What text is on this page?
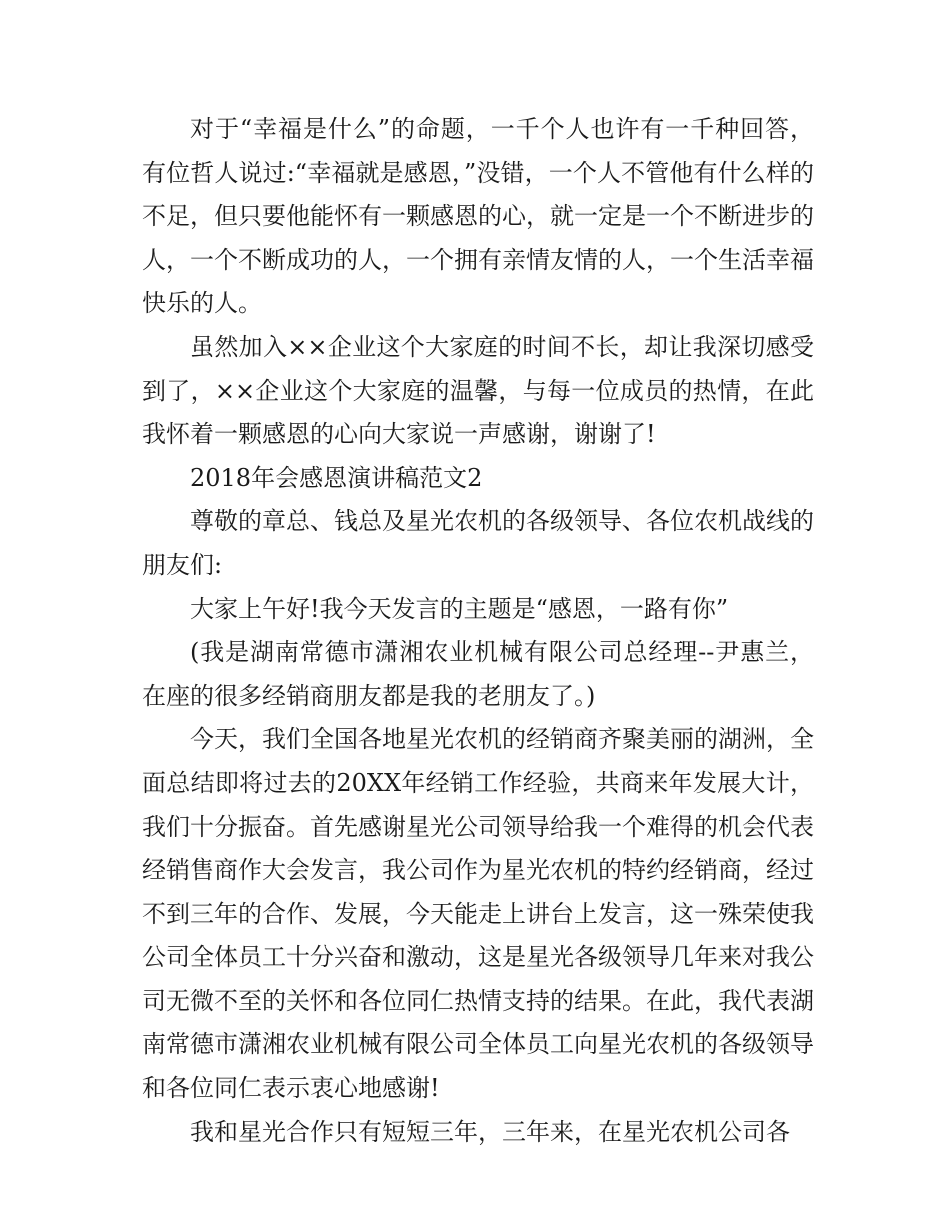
对于“幸福是什么”的命题，一千个人也许有一千种回答，有位哲人说过:“幸福就是感恩，”没错，一个人不管他有什么样的不足，但只要他能怀有一颗感恩的心，就一定是一个不断进步的人，一个不断成功的人，一个拥有亲情友情的人，一个生活幸福快乐的人。

虽然加入××企业这个大家庭的时间不长，却让我深切感受到了，××企业这个大家庭的温馨，与每一位成员的热情，在此我怀着一颗感恩的心向大家说一声感谢，谢谢了!

2018年会感恩演讲稿范文2

尊敬的章总、钱总及星光农机的各级领导、各位农机战线的朋友们:

大家上午好!我今天发言的主题是“感恩，一路有你”

(我是湖南常德市潇湘农业机械有限公司总经理--尹惠兰，在座的很多经销商朋友都是我的老朋友了。)

今天，我们全国各地星光农机的经销商齐聚美丽的湖洲，全面总结即将过去的20XX年经销工作经验，共商来年发展大计，我们十分振奋。首先感谢星光公司领导给我一个难得的机会代表经销售商作大会发言，我公司作为星光农机的特约经销商，经过不到三年的合作、发展，今天能走上讲台上发言，这一殊荣使我公司全体员工十分兴奋和激动，这是星光各级领导几年来对我公司无微不至的关怀和各位同仁热情支持的结果。在此，我代表湖南常德市潇湘农业机械有限公司全体员工向星光农机的各级领导和各位同仁表示衷心地感谢!

我和星光合作只有短短三年，三年来，在星光农机公司各
